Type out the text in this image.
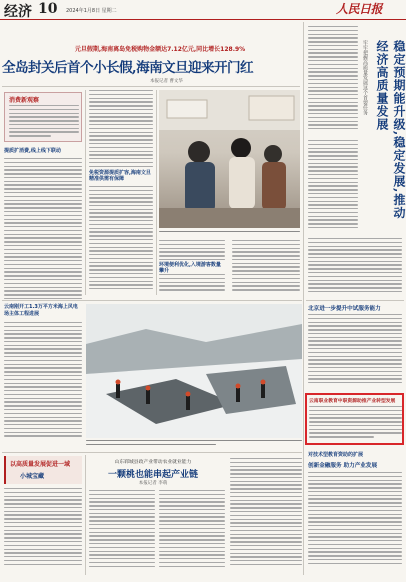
经济 10 2024年1月8日 星期二	人民日报
元旦假期,海南离岛免税购物金额达7.12亿元,同比增长128.9%
全岛封关后首个小长假,海南文旦迎来开门红
本报记者 曹文华
消费新观察
提质扩消费,线上线下联动
免税资源提质扩容,海南文旦精准供需有保障
环境便利优化,入境游客数量攀升
稳定预期能升级,稳定发展,推动经济高质量发展
牢牢把握高质量发展这个首要任务
北京进一步提升中试服务能力
云南职业教育中职资源助推产业转型发展
对技术型教育资助的扩展
创新金融服务 助力产业发展
云南刚开工1.3万平方米海上风电场主体工程进展
以高质量发展促进一域
小城宝藏
山东郓城县政产业带动农业就业能力
一颗桃也能串起产业链
本报记者 李萌
